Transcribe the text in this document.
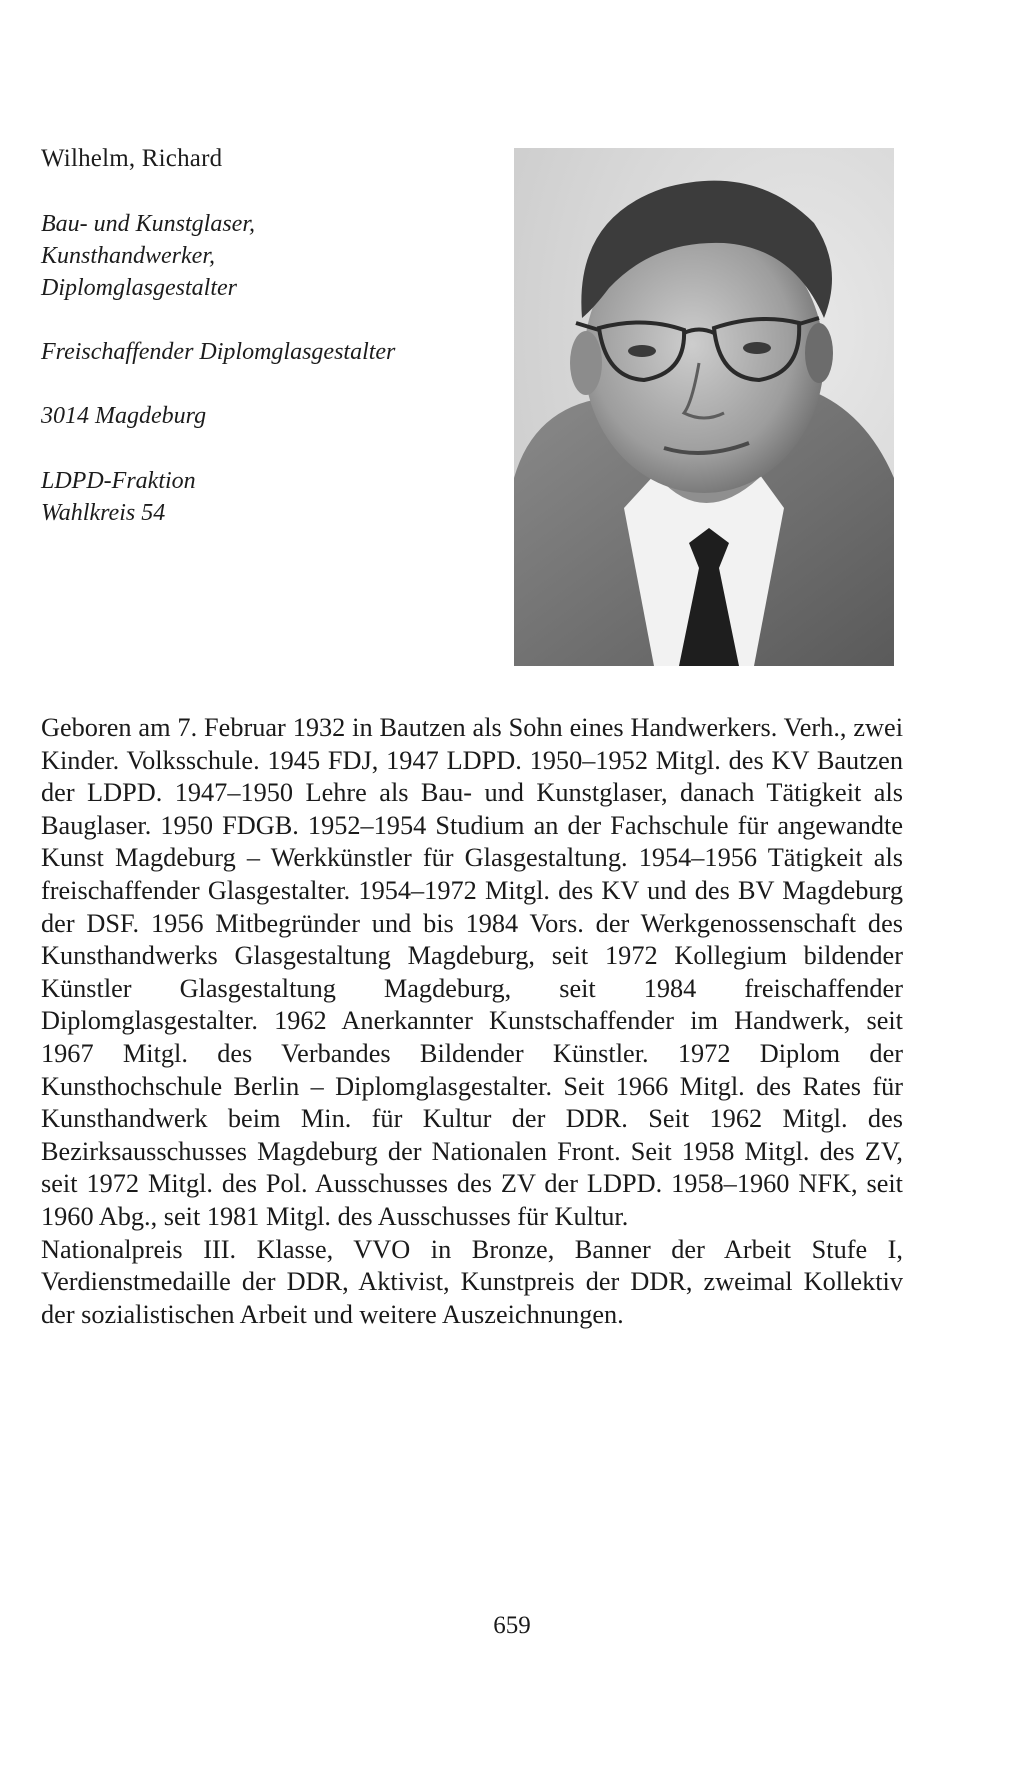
Wilhelm, Richard
Bau- und Kunstglaser,
Kunsthandwerker,
Diplomglasgestalter
Freischaffender Diplomglasgestalter
3014 Magdeburg
LDPD-Fraktion
Wahlkreis 54

Geboren am 7. Februar 1932 in Bautzen als Sohn eines Handwerkers. Verh., zwei Kinder. Volksschule. 1945 FDJ, 1947 LDPD. 1950–1952 Mitgl. des KV Bautzen der LDPD. 1947–1950 Lehre als Bau- und Kunstglaser, danach Tätigkeit als Bauglaser. 1950 FDGB. 1952–1954 Studium an der Fachschule für angewandte Kunst Magdeburg – Werkkünstler für Glasgestaltung. 1954–1956 Tätigkeit als freischaffender Glasgestalter. 1954–1972 Mitgl. des KV und des BV Magdeburg der DSF. 1956 Mitbegründer und bis 1984 Vors. der Werkgenossenschaft des Kunsthandwerks Glasgestaltung Magdeburg, seit 1972 Kollegium bildender Künstler Glasgestaltung Magdeburg, seit 1984 freischaffender Diplomglasgestalter. 1962 Anerkannter Kunstschaffender im Handwerk, seit 1967 Mitgl. des Verbandes Bildender Künstler. 1972 Diplom der Kunsthochschule Berlin – Diplomglasgestalter. Seit 1966 Mitgl. des Rates für Kunsthandwerk beim Min. für Kultur der DDR. Seit 1962 Mitgl. des Bezirksausschusses Magdeburg der Nationalen Front. Seit 1958 Mitgl. des ZV, seit 1972 Mitgl. des Pol. Ausschusses des ZV der LDPD. 1958–1960 NFK, seit 1960 Abg., seit 1981 Mitgl. des Ausschusses für Kultur.

Nationalpreis III. Klasse, VVO in Bronze, Banner der Arbeit Stufe I, Verdienstmedaille der DDR, Aktivist, Kunstpreis der DDR, zweimal Kollektiv der sozialistischen Arbeit und weitere Auszeichnungen.

659
